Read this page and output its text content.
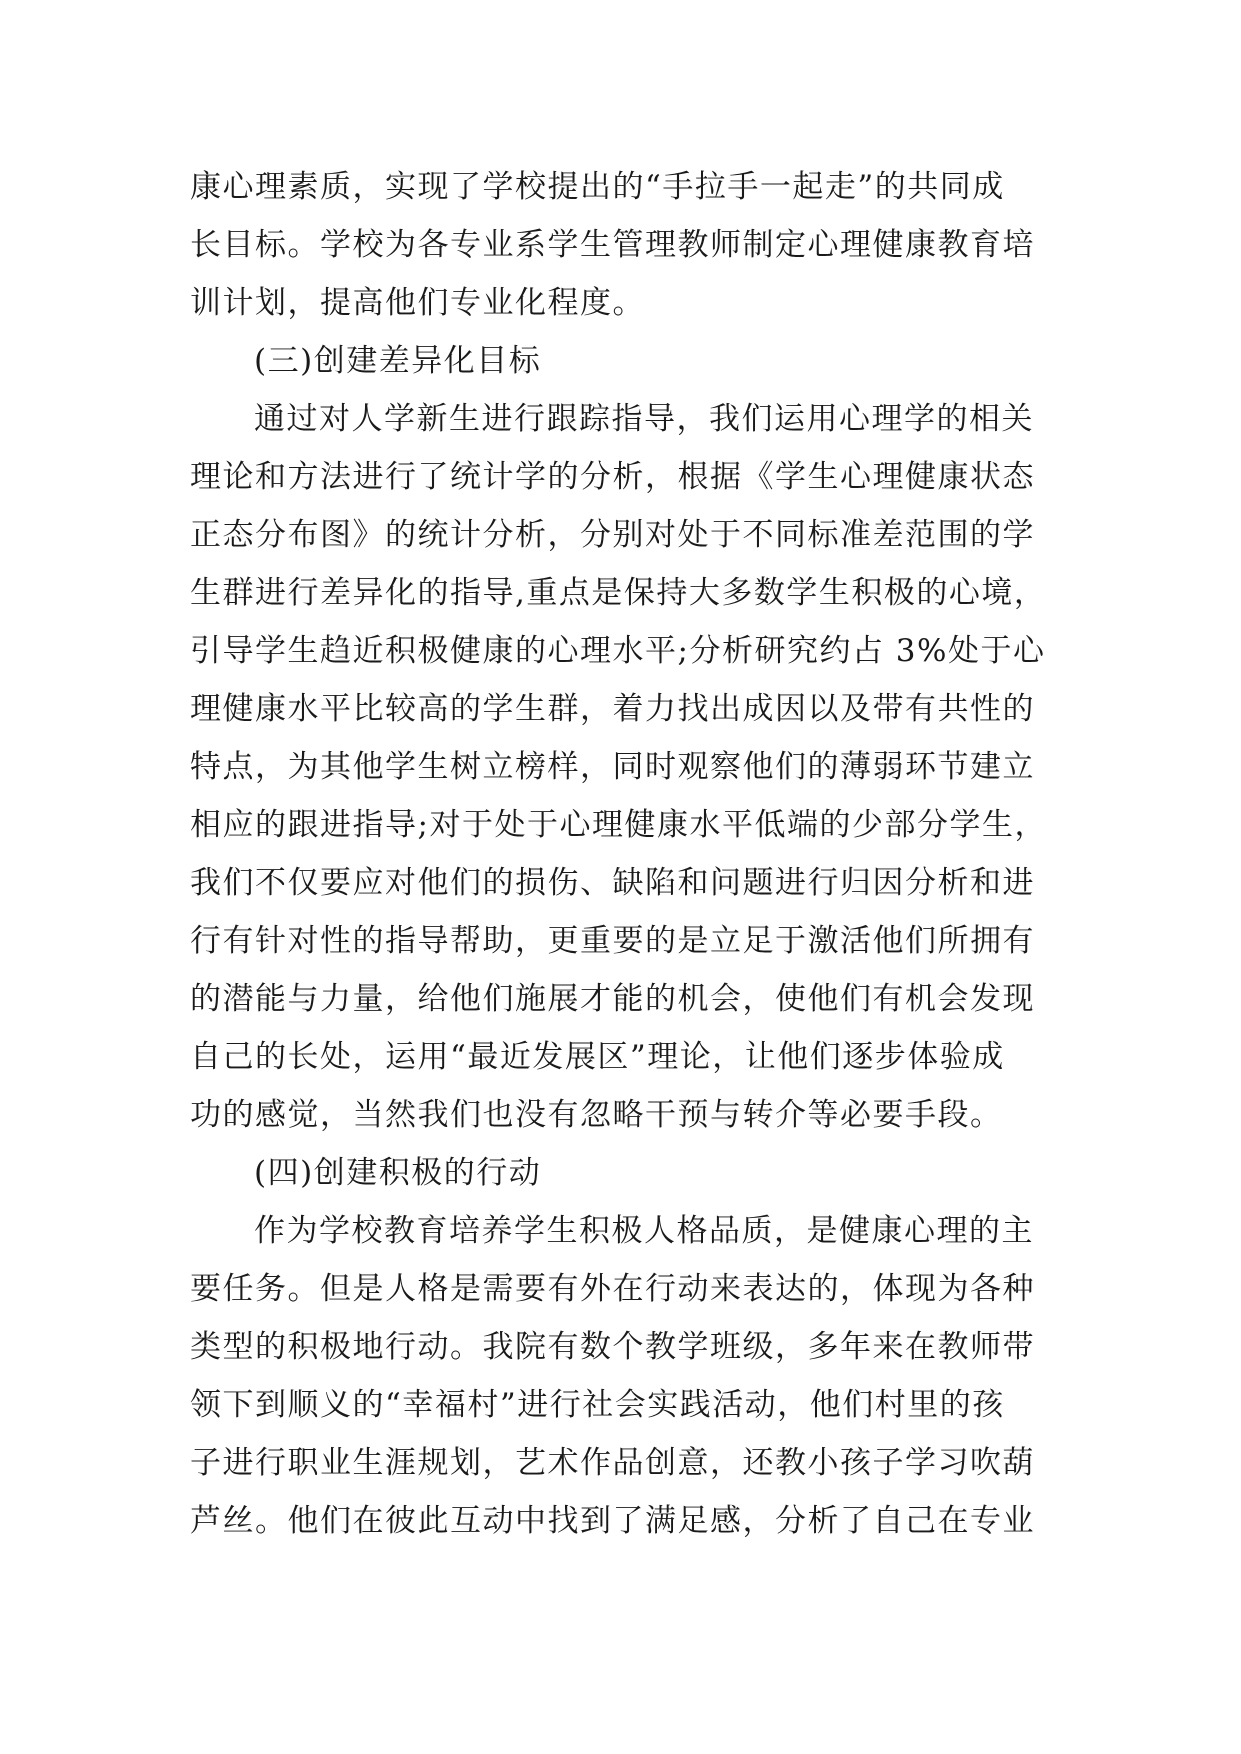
康心理素质，实现了学校提出的“手拉手一起走”的共同成
长目标。学校为各专业系学生管理教师制定心理健康教育培
训计划，提高他们专业化程度。
(三)创建差异化目标
通过对人学新生进行跟踪指导，我们运用心理学的相关
理论和方法进行了统计学的分析，根据《学生心理健康状态
正态分布图》的统计分析，分别对处于不同标准差范围的学
生群进行差异化的指导,重点是保持大多数学生积极的心境，
引导学生趋近积极健康的心理水平;分析研究约占 3%处于心
理健康水平比较高的学生群，着力找出成因以及带有共性的
特点，为其他学生树立榜样，同时观察他们的薄弱环节建立
相应的跟进指导;对于处于心理健康水平低端的少部分学生，
我们不仅要应对他们的损伤、缺陷和问题进行归因分析和进
行有针对性的指导帮助，更重要的是立足于激活他们所拥有
的潜能与力量，给他们施展才能的机会，使他们有机会发现
自己的长处，运用“最近发展区”理论，让他们逐步体验成
功的感觉，当然我们也没有忽略干预与转介等必要手段。
(四)创建积极的行动
作为学校教育培养学生积极人格品质，是健康心理的主
要任务。但是人格是需要有外在行动来表达的，体现为各种
类型的积极地行动。我院有数个教学班级，多年来在教师带
领下到顺义的“幸福村”进行社会实践活动，他们村里的孩
子进行职业生涯规划，艺术作品创意，还教小孩子学习吹葫
芦丝。他们在彼此互动中找到了满足感，分析了自己在专业
